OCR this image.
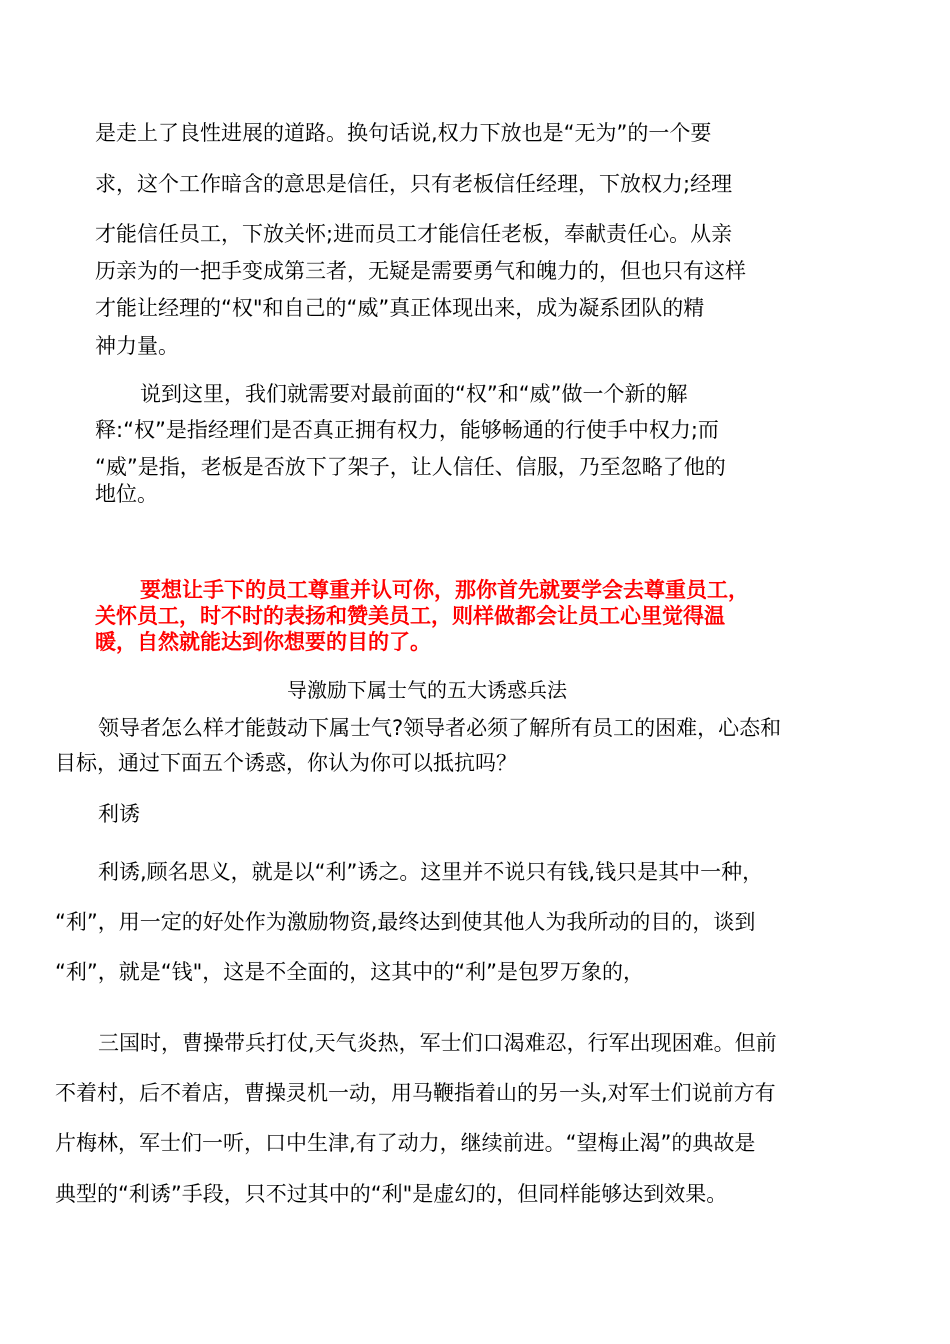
是走上了良性进展的道路。换句话说,权力下放也是“无为”的一个要
求，这个工作暗含的意思是信任，只有老板信任经理，下放权力;经理
才能信任员工，下放关怀;进而员工才能信任老板，奉献责任心。从亲
历亲为的一把手变成第三者，无疑是需要勇气和魄力的，但也只有这样
才能让经理的“权"和自己的“威”真正体现出来，成为凝系团队的精
神力量。
说到这里，我们就需要对最前面的“权”和“威”做一个新的解
释:“权”是指经理们是否真正拥有权力，能够畅通的行使手中权力;而
“威”是指，老板是否放下了架子，让人信任、信服，乃至忽略了他的
地位。
要想让手下的员工尊重并认可你，那你首先就要学会去尊重员工，
关怀员工，时不时的表扬和赞美员工，则样做都会让员工心里觉得温
暖，自然就能达到你想要的目的了。
导激励下属士气的五大诱惑兵法
领导者怎么样才能鼓动下属士气?领导者必须了解所有员工的困难，心态和
目标，通过下面五个诱惑，你认为你可以抵抗吗？
利诱
利诱,顾名思义，就是以“利”诱之。这里并不说只有钱,钱只是其中一种，
“利”，用一定的好处作为激励物资,最终达到使其他人为我所动的目的，谈到
“利”，就是“钱"，这是不全面的，这其中的“利”是包罗万象的，
三国时，曹操带兵打仗,天气炎热，军士们口渴难忍，行军出现困难。但前
不着村，后不着店，曹操灵机一动，用马鞭指着山的另一头,对军士们说前方有
片梅林，军士们一听，口中生津,有了动力，继续前进。“望梅止渴”的典故是
典型的“利诱”手段，只不过其中的“利"是虚幻的，但同样能够达到效果。
